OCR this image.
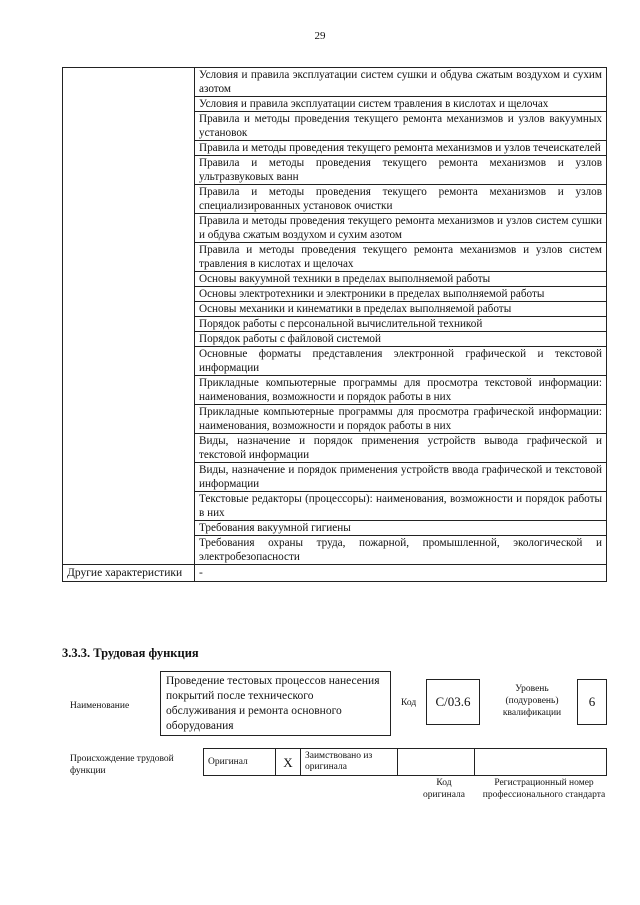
29
	Условия и правила эксплуатации систем сушки и обдува сжатым воздухом и сухим азотом
	Условия и правила эксплуатации систем травления в кислотах и щелочах
	Правила и методы проведения текущего ремонта механизмов и узлов вакуумных установок
	Правила и методы проведения текущего ремонта механизмов и узлов течеискателей
	Правила и методы проведения текущего ремонта механизмов и узлов ультразвуковых ванн
	Правила и методы проведения текущего ремонта механизмов и узлов специализированных установок очистки
	Правила и методы проведения текущего ремонта механизмов и узлов систем сушки и обдува сжатым воздухом и сухим азотом
	Правила и методы проведения текущего ремонта механизмов и узлов систем травления в кислотах и щелочах
	Основы вакуумной техники в пределах выполняемой работы
	Основы электротехники и электроники в пределах выполняемой работы
	Основы механики и кинематики в пределах выполняемой работы
	Порядок работы с персональной вычислительной техникой
	Порядок работы с файловой системой
	Основные форматы представления электронной графической и текстовой информации
	Прикладные компьютерные программы для просмотра текстовой информации: наименования, возможности и порядок работы в них
	Прикладные компьютерные программы для просмотра графической информации: наименования, возможности и порядок работы в них
	Виды, назначение и порядок применения устройств вывода графической и текстовой информации
	Виды, назначение и порядок применения устройств ввода графической и текстовой информации
	Текстовые редакторы (процессоры): наименования, возможности и порядок работы в них
	Требования вакуумной гигиены
	Требования охраны труда, пожарной, промышленной, экологической и электробезопасности
Другие характеристики	-
3.3.3. Трудовая функция
Наименование
Проведение тестовых процессов нанесения покрытий после технического обслуживания и ремонта основного оборудования
Код	C/03.6
Уровень (подуровень) квалификации
6
Происхождение трудовой функции
Оригинал	X	Заимствовано из оригинала		
Код оригинала
Регистрационный номер профессионального стандарта
